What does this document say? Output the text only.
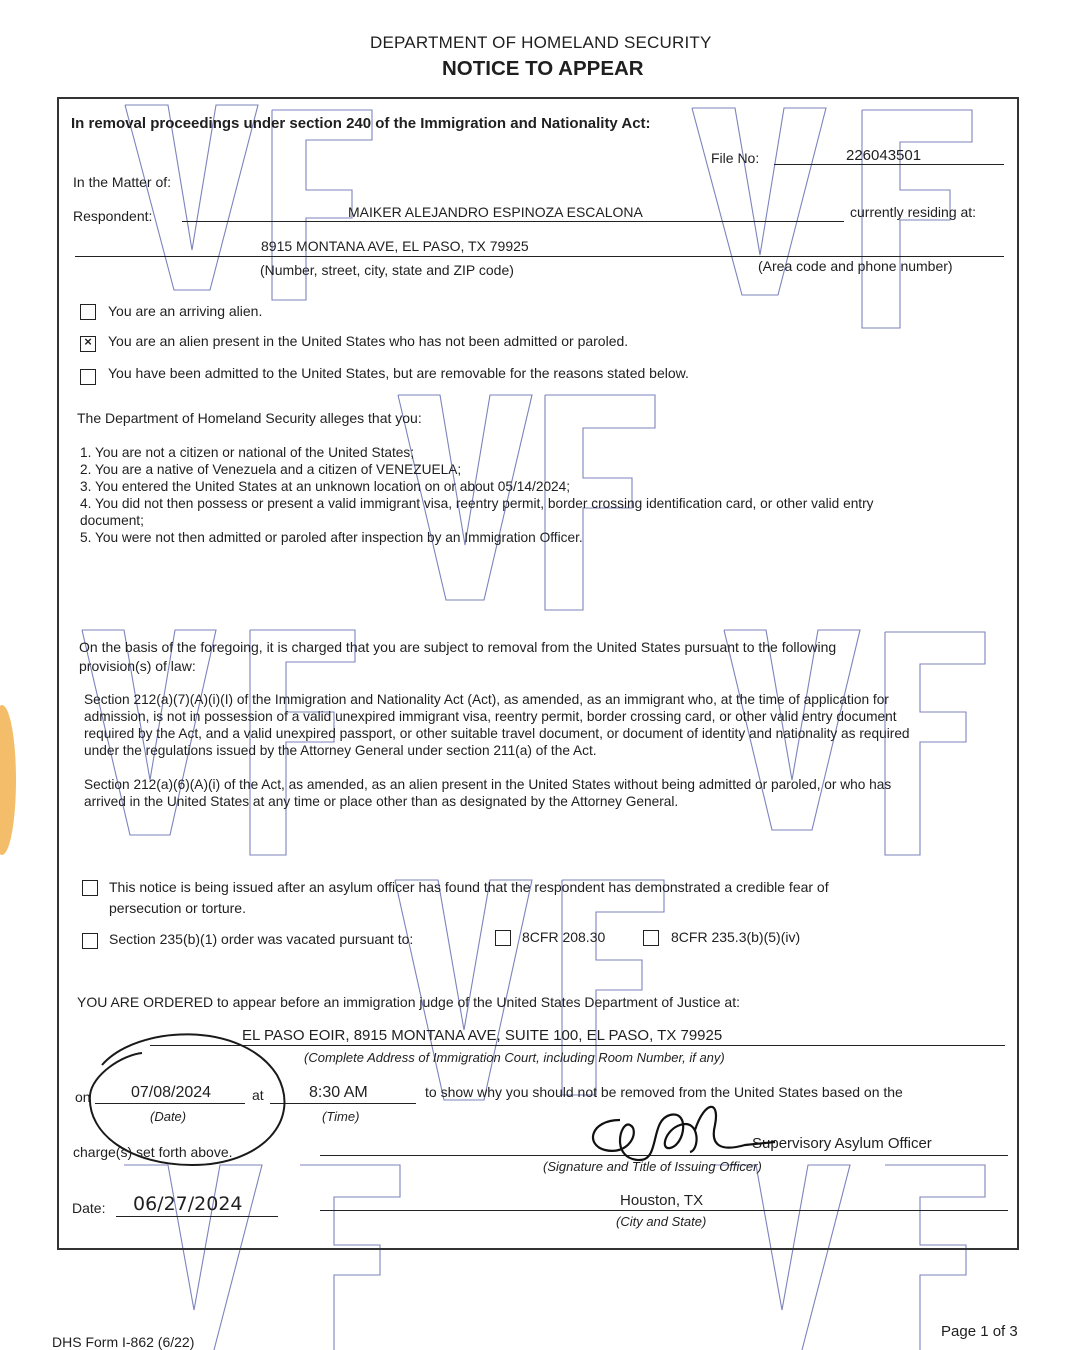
DEPARTMENT OF HOMELAND SECURITY
NOTICE TO APPEAR
In removal proceedings under section 240 of the Immigration and Nationality Act:
File No:	226043501
In the Matter of:
Respondent:	MAIKER ALEJANDRO ESPINOZA ESCALONA	currently residing at:
8915 MONTANA AVE, EL PASO, TX 79925
(Number, street, city, state and ZIP code)	(Area code and phone number)
You are an arriving alien.
× You are an alien present in the United States who has not been admitted or paroled.
You have been admitted to the United States, but are removable for the reasons stated below.
The Department of Homeland Security alleges that you:
1. You are not a citizen or national of the United States;
2. You are a native of Venezuela and a citizen of VENEZUELA;
3. You entered the United States at an unknown location on or about 05/14/2024;
4. You did not then possess or present a valid immigrant visa, reentry permit, border crossing identification card, or other valid entry
document;
5. You were not then admitted or paroled after inspection by an Immigration Officer.
On the basis of the foregoing, it is charged that you are subject to removal from the United States pursuant to the following
provision(s) of law:
Section 212(a)(7)(A)(i)(I) of the Immigration and Nationality Act (Act), as amended, as an immigrant who, at the time of application for
admission, is not in possession of a valid unexpired immigrant visa, reentry permit, border crossing card, or other valid entry document
required by the Act, and a valid unexpired passport, or other suitable travel document, or document of identity and nationality as required
under the regulations issued by the Attorney General under section 211(a) of the Act.
Section 212(a)(6)(A)(i) of the Act, as amended, as an alien present in the United States without being admitted or paroled, or who has
arrived in the United States at any time or place other than as designated by the Attorney General.
This notice is being issued after an asylum officer has found that the respondent has demonstrated a credible fear of
persecution or torture.
Section 235(b)(1) order was vacated pursuant to:	8CFR 208.30	8CFR 235.3(b)(5)(iv)
YOU ARE ORDERED to appear before an immigration judge of the United States Department of Justice at:
EL PASO EOIR, 8915 MONTANA AVE, SUITE 100, EL PASO, TX 79925
(Complete Address of Immigration Court, including Room Number, if any)
on	07/08/2024
(Date)
at	8:30 AM
(Time)
to show why you should not be removed from the United States based on the
charge(s) set forth above.	Supervisory Asylum Officer
(Signature and Title of Issuing Officer)
Date: 06/27/2024	Houston, TX
(City and State)
DHS Form I-862 (6/22)
Page 1 of 3
